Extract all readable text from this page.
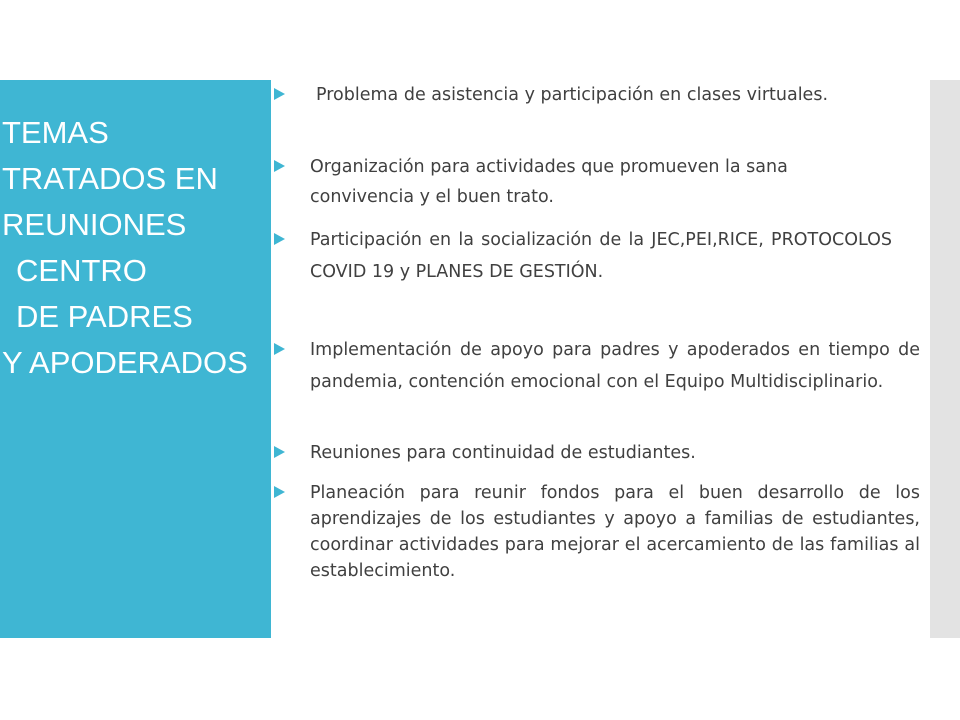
TEMAS
TRATADOS EN
REUNIONES
CENTRO
DE PADRES
Y APODERADOS
Problema de asistencia y participación en clases virtuales.
Organización para actividades que promueven la sana convivencia y el buen trato.
Participación en la socialización de la JEC,PEI,RICE, PROTOCOLOS COVID 19 y PLANES DE GESTIÓN.
Implementación de apoyo para padres y apoderados en tiempo de pandemia, contención emocional con el Equipo Multidisciplinario.
Reuniones para continuidad de estudiantes.
Planeación para reunir fondos para el buen desarrollo de los aprendizajes de los estudiantes y apoyo a familias de estudiantes, coordinar actividades para mejorar el acercamiento de las familias al establecimiento.
